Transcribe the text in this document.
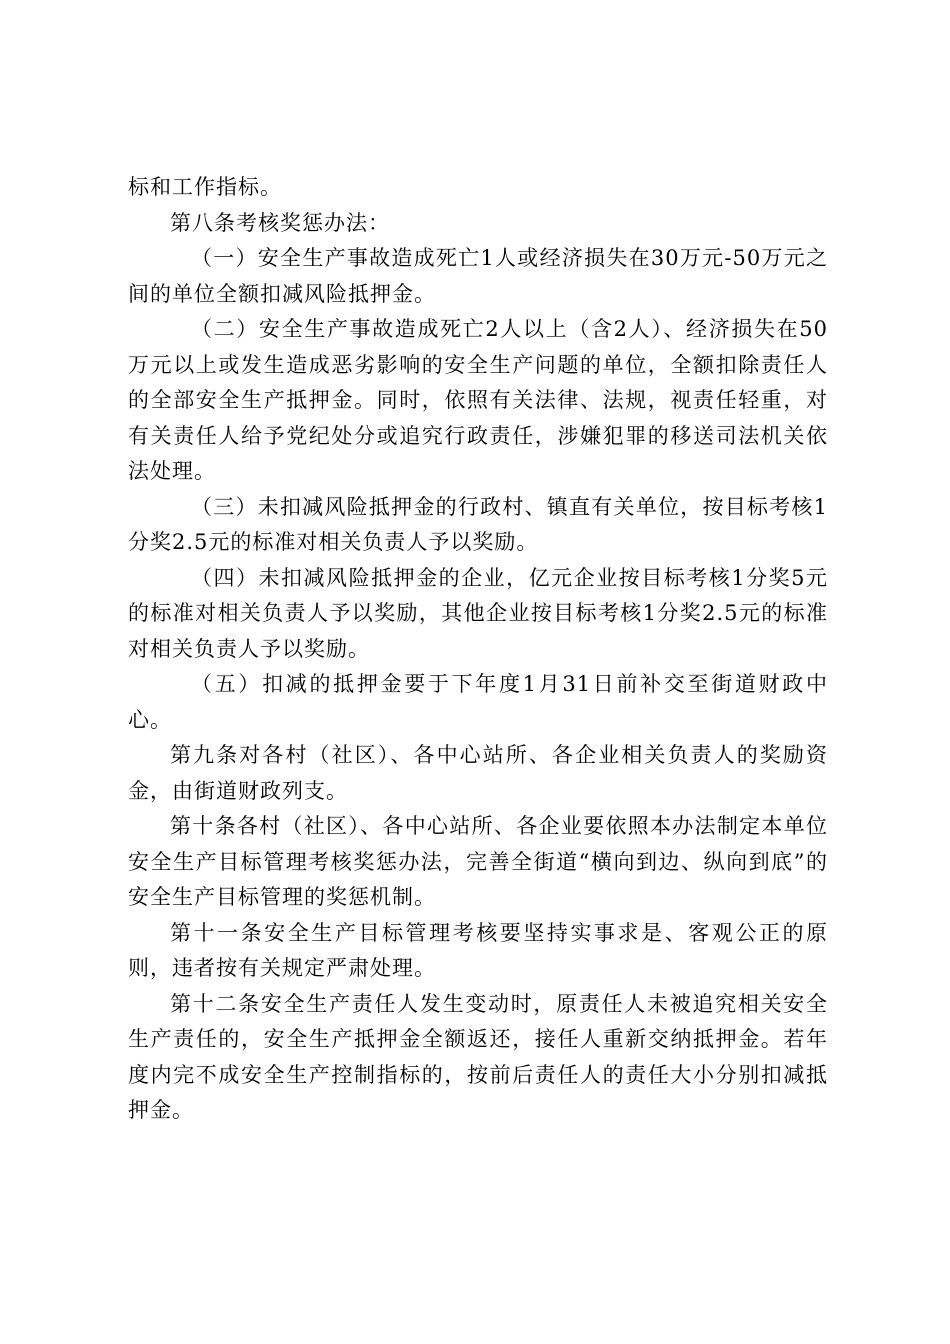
标和工作指标。

第八条考核奖惩办法：

（一）安全生产事故造成死亡1人或经济损失在30万元-50万元之间的单位全额扣减风险抵押金。

（二）安全生产事故造成死亡2人以上（含2人）、经济损失在50万元以上或发生造成恶劣影响的安全生产问题的单位，全额扣除责任人的全部安全生产抵押金。同时，依照有关法律、法规，视责任轻重，对有关责任人给予党纪处分或追究行政责任，涉嫌犯罪的移送司法机关依法处理。

（三）未扣减风险抵押金的行政村、镇直有关单位，按目标考核1分奖2.5元的标准对相关负责人予以奖励。

（四）未扣减风险抵押金的企业，亿元企业按目标考核1分奖5元的标准对相关负责人予以奖励，其他企业按目标考核1分奖2.5元的标准对相关负责人予以奖励。

（五）扣减的抵押金要于下年度1月31日前补交至街道财政中心。

第九条对各村（社区）、各中心站所、各企业相关负责人的奖励资金，由街道财政列支。

第十条各村（社区）、各中心站所、各企业要依照本办法制定本单位安全生产目标管理考核奖惩办法，完善全街道“横向到边、纵向到底”的安全生产目标管理的奖惩机制。

第十一条安全生产目标管理考核要坚持实事求是、客观公正的原则，违者按有关规定严肃处理。

第十二条安全生产责任人发生变动时，原责任人未被追究相关安全生产责任的，安全生产抵押金全额返还，接任人重新交纳抵押金。若年度内完不成安全生产控制指标的，按前后责任人的责任大小分别扣减抵押金。
